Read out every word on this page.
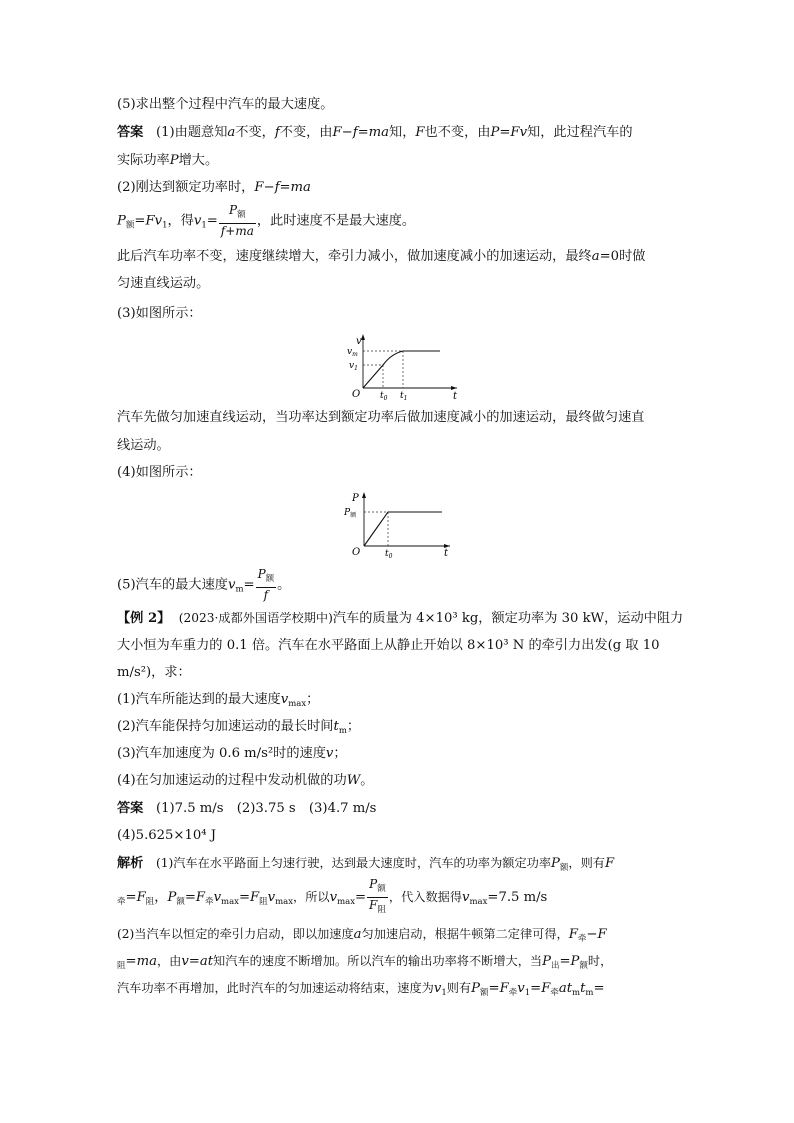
(5)求出整个过程中汽车的最大速度。
答案 (1)由题意知a不变，f不变，由F−f=ma知，F也不变，由P=Fv知，此过程汽车的
实际功率P增大。
(2)刚达到额定功率时，F−f=ma
$P_额=Fv_1$，得$v_1= \frac{P_额}{f+ma}$ ，此时速度不是最大速度。
此后汽车功率不变，速度继续增大，牵引力减小，做加速度减小的加速运动，最终a=0时做
匀速直线运动。
(3)如图所示：
v
t
O
$v_m$
$v_1$
$t_0$ $t_1$
汽车先做匀加速直线运动，当功率达到额定功率后做加速度减小的加速运动，最终做匀速直
线运动。
(4)如图所示：
P
t
O
$P_额$
$t_0$
(5)汽车的最大速度$v_m= \frac{P_额}{f}$ 。
【例 2】 (2023·成都外国语学校期中)汽车的质量为 4×10³ kg，额定功率为 30 kW，运动中阻力
大小恒为车重力的 0.1 倍。汽车在水平路面上从静止开始以 8×10³ N 的牵引力出发(g 取 10
m/s²)，求：
(1)汽车所能达到的最大速度$v_{max}$；
(2)汽车能保持匀加速运动的最长时间$t_m$；
(3)汽车加速度为 0.6 m/s²时的速度v；
(4)在匀加速运动的过程中发动机做的功W。
答案 (1)7.5 m/s　(2)3.75 s　(3)4.7 m/s
(4)5.625×10⁴ J
解析 (1)汽车在水平路面上匀速行驶，达到最大速度时，汽车的功率为额定功率$P_额$，则有F
$_牵=F_阻$，$P_额=F_牵v_{max}=F_阻v_{max}$，所以$v_{max}= \frac{P_额}{F_阻}$ ，代入数据得$v_{max}=7.5$ m/s
(2)当汽车以恒定的牵引力启动，即以加速度a匀加速启动，根据牛顿第二定律可得，$F_牵-F$
$_阻$=ma，由v=at知汽车的速度不断增加。所以汽车的输出功率将不断增大，当$P_出=P_额$时，
汽车功率不再增加，此时汽车的匀加速运动将结束，速度为$v_1$则有$P_额=F_牵v_1=F_牵at_mt_m=$
